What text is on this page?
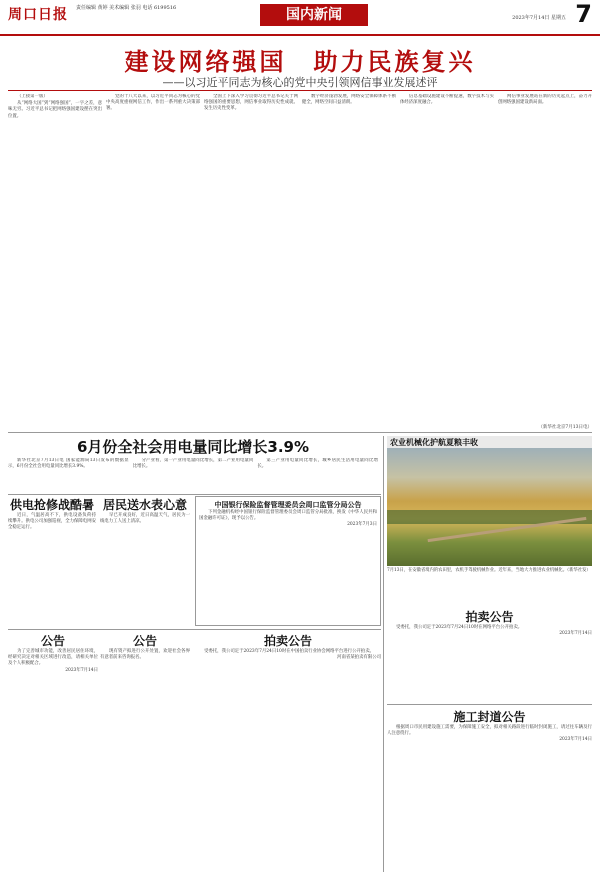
周口日报 责任编辑 黄婷 美术编辑 张羽 电话 6199516	国内新闻	2023年7月14日 星期五 7
建设网络强国　助力民族复兴
——以习近平同志为核心的党中央引领网信事业发展述评

（上接第一版）

从“网络大国”到“网络强国”，一字之差，意味无穷。习近平总书记把网络强国建设摆在突出位置。

党的十八大以来，以习近平同志为核心的党中央高度重视网信工作，作出一系列重大决策部署。

全国上下深入学习贯彻习近平总书记关于网络强国的重要思想，网信事业取得历史性成就、发生历史性变革。

数字经济蓬勃发展，网络安全保障体系不断健全，网络空间日益清朗。

信息基础设施建设不断提速，数字技术与实体经济深度融合。

网信事业发展站在新的历史起点上，奋力开创网络强国建设新局面。

（新华社北京7月13日电）
6月份全社会用电量同比增长3.9%

新华社北京7月13日电 国家能源局13日发布的数据显示，6月份全社会用电量同比增长3.9%。

分产业看，第一产业用电量同比增长，第二产业用电量同比增长。

第三产业用电量同比增长，城乡居民生活用电量同比增长。

农业机械化护航夏粮丰收
7月13日，在安徽省境内的农田里，农机手驾驶机械作业。近年来，当地大力推进农业机械化。（新华社发）
供电抢修战酷暑

近日，气温居高不下，供电设备负荷持续攀升。供电公司加强巡视，全力保障电网安全稳定运行。

居民送水表心意

早已开成良好，近日高温天气，居民为一线电力工人送上清凉。

中国银行保险监督管理委员会周口监管分局公告

下列金融机构经中国银行保险监督管理委员会周口监管分局批准，换发《中华人民共和国金融许可证》，现予以公告。

2023年7月3日
公告

为了完善城市功能，改善居民居住环境，经研究决定对相关区域进行改造，请相关单位及个人积极配合。

2023年7月14日
公告

现有资产拟进行公开处置，欢迎社会各界有意者前来咨询报名。

拍卖公告

受委托，我公司定于2023年7月24日10时在中国拍卖行业协会网络平台进行公开拍卖。

河南省某拍卖有限公司
拍卖公告

受委托，我公司定于2023年7月24日10时在网络平台公开拍卖。

2023年7月14日
施工封道公告

根据周口市民用建设施工需要，为保障施工安全，拟对相关路段进行临时封闭施工，请过往车辆及行人注意绕行。

2023年7月14日
